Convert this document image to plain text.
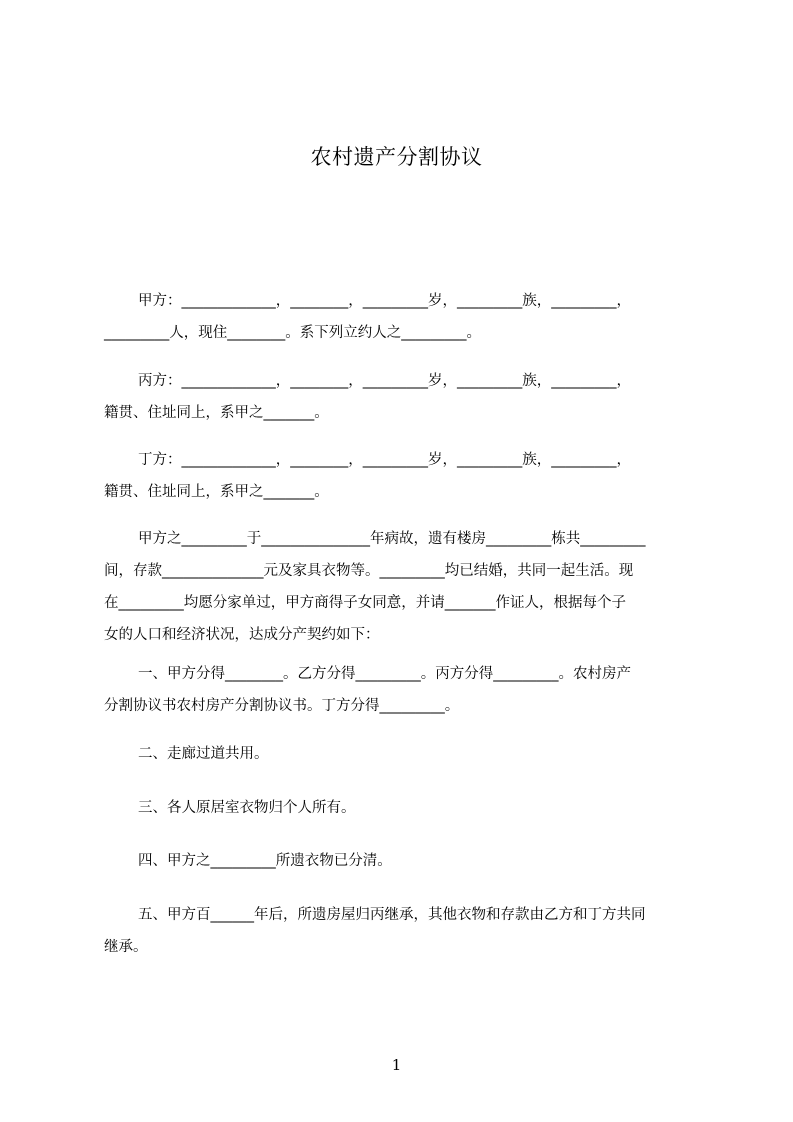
农村遗产分割协议
甲方：_____________，________，_________岁，_________族，_________，
_________人，现住________。系下列立约人之_________。
丙方：_____________，________，_________岁，_________族，_________，
籍贯、住址同上，系甲之_______。
丁方：_____________，________，_________岁，_________族，_________，
籍贯、住址同上，系甲之_______。
甲方之_________于_______________年病故，遗有楼房_________栋共_________
间，存款______________元及家具衣物等。_________均已结婚，共同一起生活。现
在_________均愿分家单过，甲方商得子女同意，并请_______作证人，根据每个子
女的人口和经济状况，达成分产契约如下：
一、甲方分得________。乙方分得_________。丙方分得_________。农村房产
分割协议书农村房产分割协议书。丁方分得_________。
二、走廊过道共用。
三、各人原居室衣物归个人所有。
四、甲方之_________所遗衣物已分清。
五、甲方百______年后，所遗房屋归丙继承，其他衣物和存款由乙方和丁方共同
继承。
1
